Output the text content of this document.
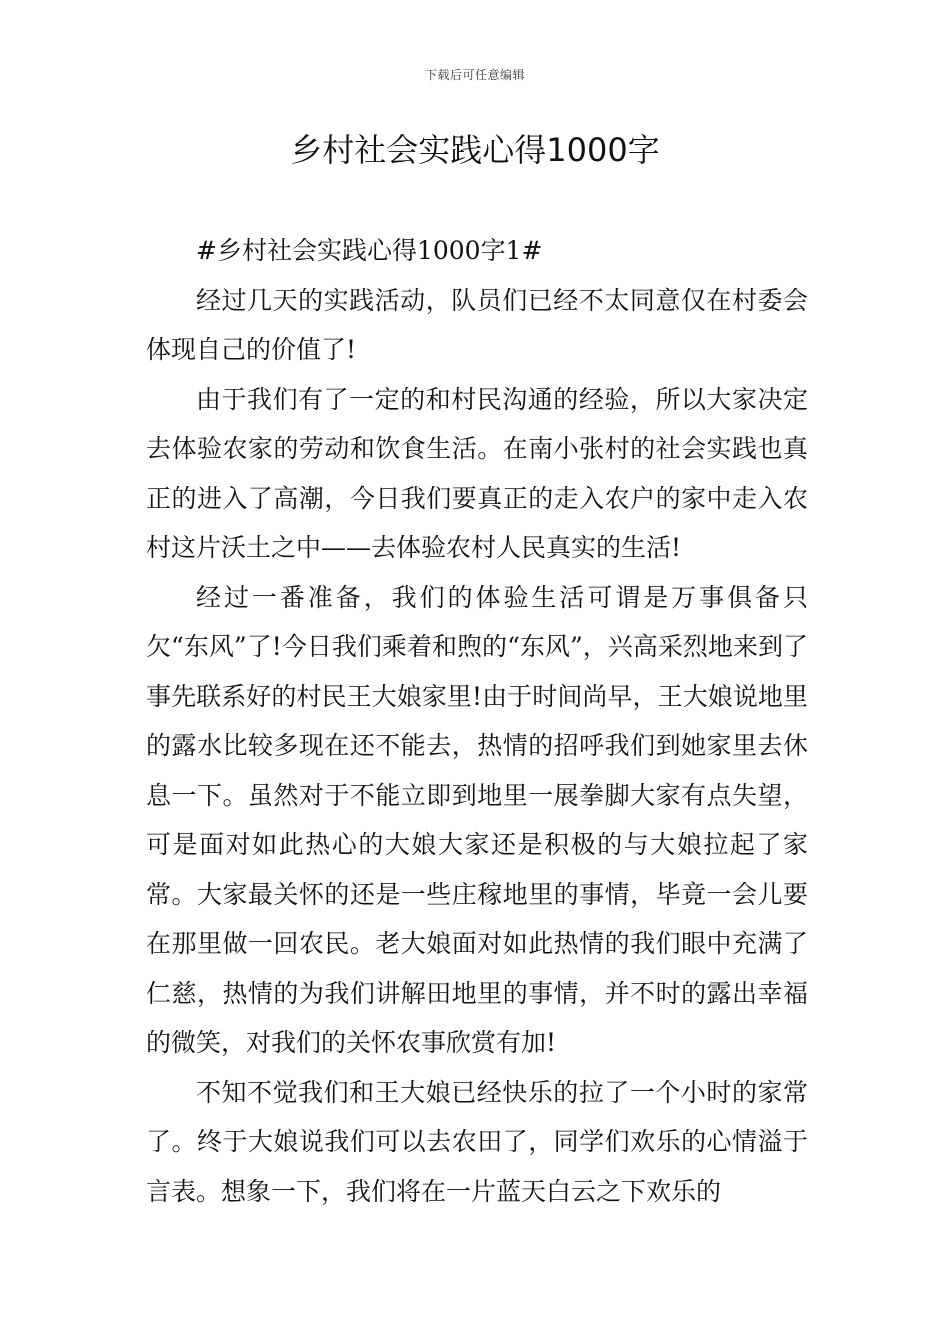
下载后可任意编辑
乡村社会实践心得1000字

#乡村社会实践心得1000字1#

经过几天的实践活动，队员们已经不太同意仅在村委会体现自己的价值了!

由于我们有了一定的和村民沟通的经验，所以大家决定去体验农家的劳动和饮食生活。在南小张村的社会实践也真正的进入了高潮，今日我们要真正的走入农户的家中走入农村这片沃土之中——去体验农村人民真实的生活!

经过一番准备，我们的体验生活可谓是万事俱备只欠“东风”了!今日我们乘着和煦的“东风”，兴高采烈地来到了事先联系好的村民王大娘家里!由于时间尚早，王大娘说地里的露水比较多现在还不能去，热情的招呼我们到她家里去休息一下。虽然对于不能立即到地里一展拳脚大家有点失望，可是面对如此热心的大娘大家还是积极的与大娘拉起了家常。大家最关怀的还是一些庄稼地里的事情，毕竟一会儿要在那里做一回农民。老大娘面对如此热情的我们眼中充满了仁慈，热情的为我们讲解田地里的事情，并不时的露出幸福的微笑，对我们的关怀农事欣赏有加!

不知不觉我们和王大娘已经快乐的拉了一个小时的家常了。终于大娘说我们可以去农田了，同学们欢乐的心情溢于言表。想象一下，我们将在一片蓝天白云之下欢乐的
